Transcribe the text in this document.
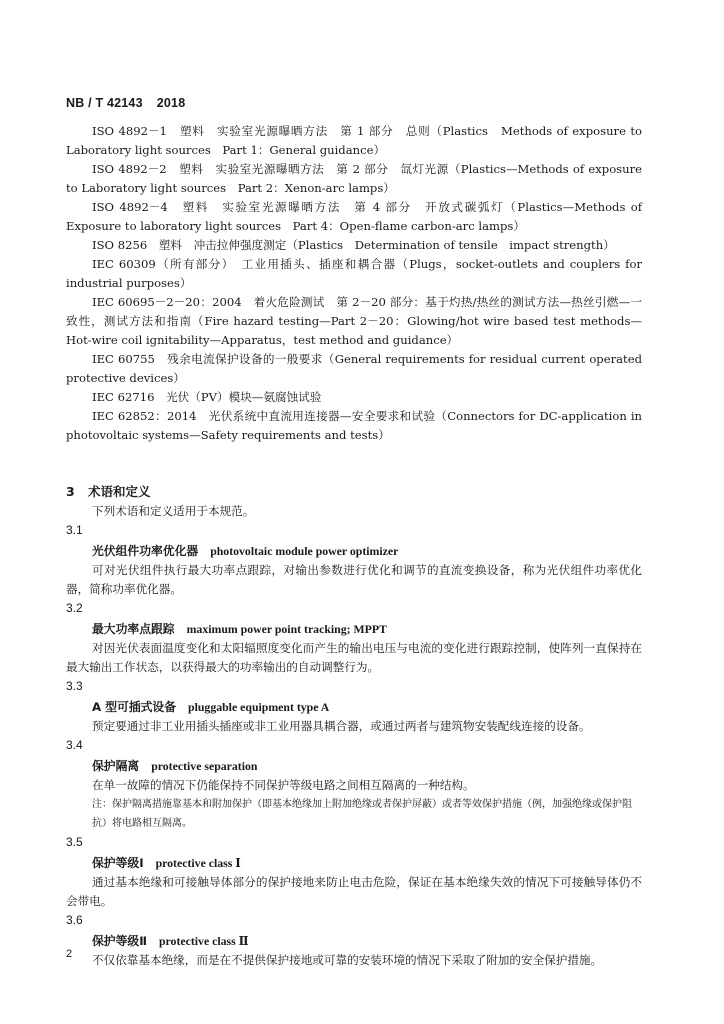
NB / T 42143 2018

ISO 4892－1　塑料　实验室光源曝晒方法　第 1 部分　总则（Plastics　Methods of exposure to Laboratory light sources　Part 1：General guidance）

ISO 4892－2　塑料　实验室光源曝晒方法　第 2 部分　氙灯光源（Plastics—Methods of exposure to Laboratory light sources　Part 2：Xenon-arc lamps）

ISO 4892－4　塑料　实验室光源曝晒方法　第 4 部分　开放式碳弧灯（Plastics—Methods of Exposure to laboratory light sources　Part 4：Open-flame carbon-arc lamps）

ISO 8256　塑料　冲击拉伸强度测定（Plastics　Determination of tensile　impact strength）

IEC 60309（所有部分）　工业用插头、插座和耦合器（Plugs，socket-outlets and couplers for industrial purposes）

IEC 60695－2－20：2004　着火危险测试　第 2－20 部分：基于灼热/热丝的测试方法—热丝引燃—一致性，测试方法和指南（Fire hazard testing—Part 2－20：Glowing/hot wire based test methods—Hot-wire coil ignitability—Apparatus，test method and guidance）

IEC 60755　残余电流保护设备的一般要求（General requirements for residual current operated protective devices）

IEC 62716　光伏（PV）模块—氨腐蚀试验

IEC 62852：2014　光伏系统中直流用连接器—安全要求和试验（Connectors for DC-application in photovoltaic systems—Safety requirements and tests）

3 术语和定义

下列术语和定义适用于本规范。

3.1
光伏组件功率优化器 photovoltaic module power optimizer

可对光伏组件执行最大功率点跟踪，对输出参数进行优化和调节的直流变换设备，称为光伏组件功率优化器，简称功率优化器。

3.2
最大功率点跟踪 maximum power point tracking; MPPT

对因光伏表面温度变化和太阳辐照度变化而产生的输出电压与电流的变化进行跟踪控制，使阵列一直保持在最大输出工作状态，以获得最大的功率输出的自动调整行为。

3.3
A 型可插式设备 pluggable equipment type A

预定要通过非工业用插头插座或非工业用器具耦合器，或通过两者与建筑物安装配线连接的设备。

3.4
保护隔离 protective separation

在单一故障的情况下仍能保持不同保护等级电路之间相互隔离的一种结构。

注：保护隔离措施靠基本和附加保护（即基本绝缘加上附加绝缘或者保护屏蔽）或者等效保护措施（例，加强绝缘或保护阻抗）将电路相互隔离。

3.5
保护等级Ⅰ protective class Ⅰ

通过基本绝缘和可接触导体部分的保护接地来防止电击危险，保证在基本绝缘失效的情况下可接触导体仍不会带电。

3.6
保护等级Ⅱ protective class Ⅱ

不仅依靠基本绝缘，而是在不提供保护接地或可靠的安装环境的情况下采取了附加的安全保护措施。

2
